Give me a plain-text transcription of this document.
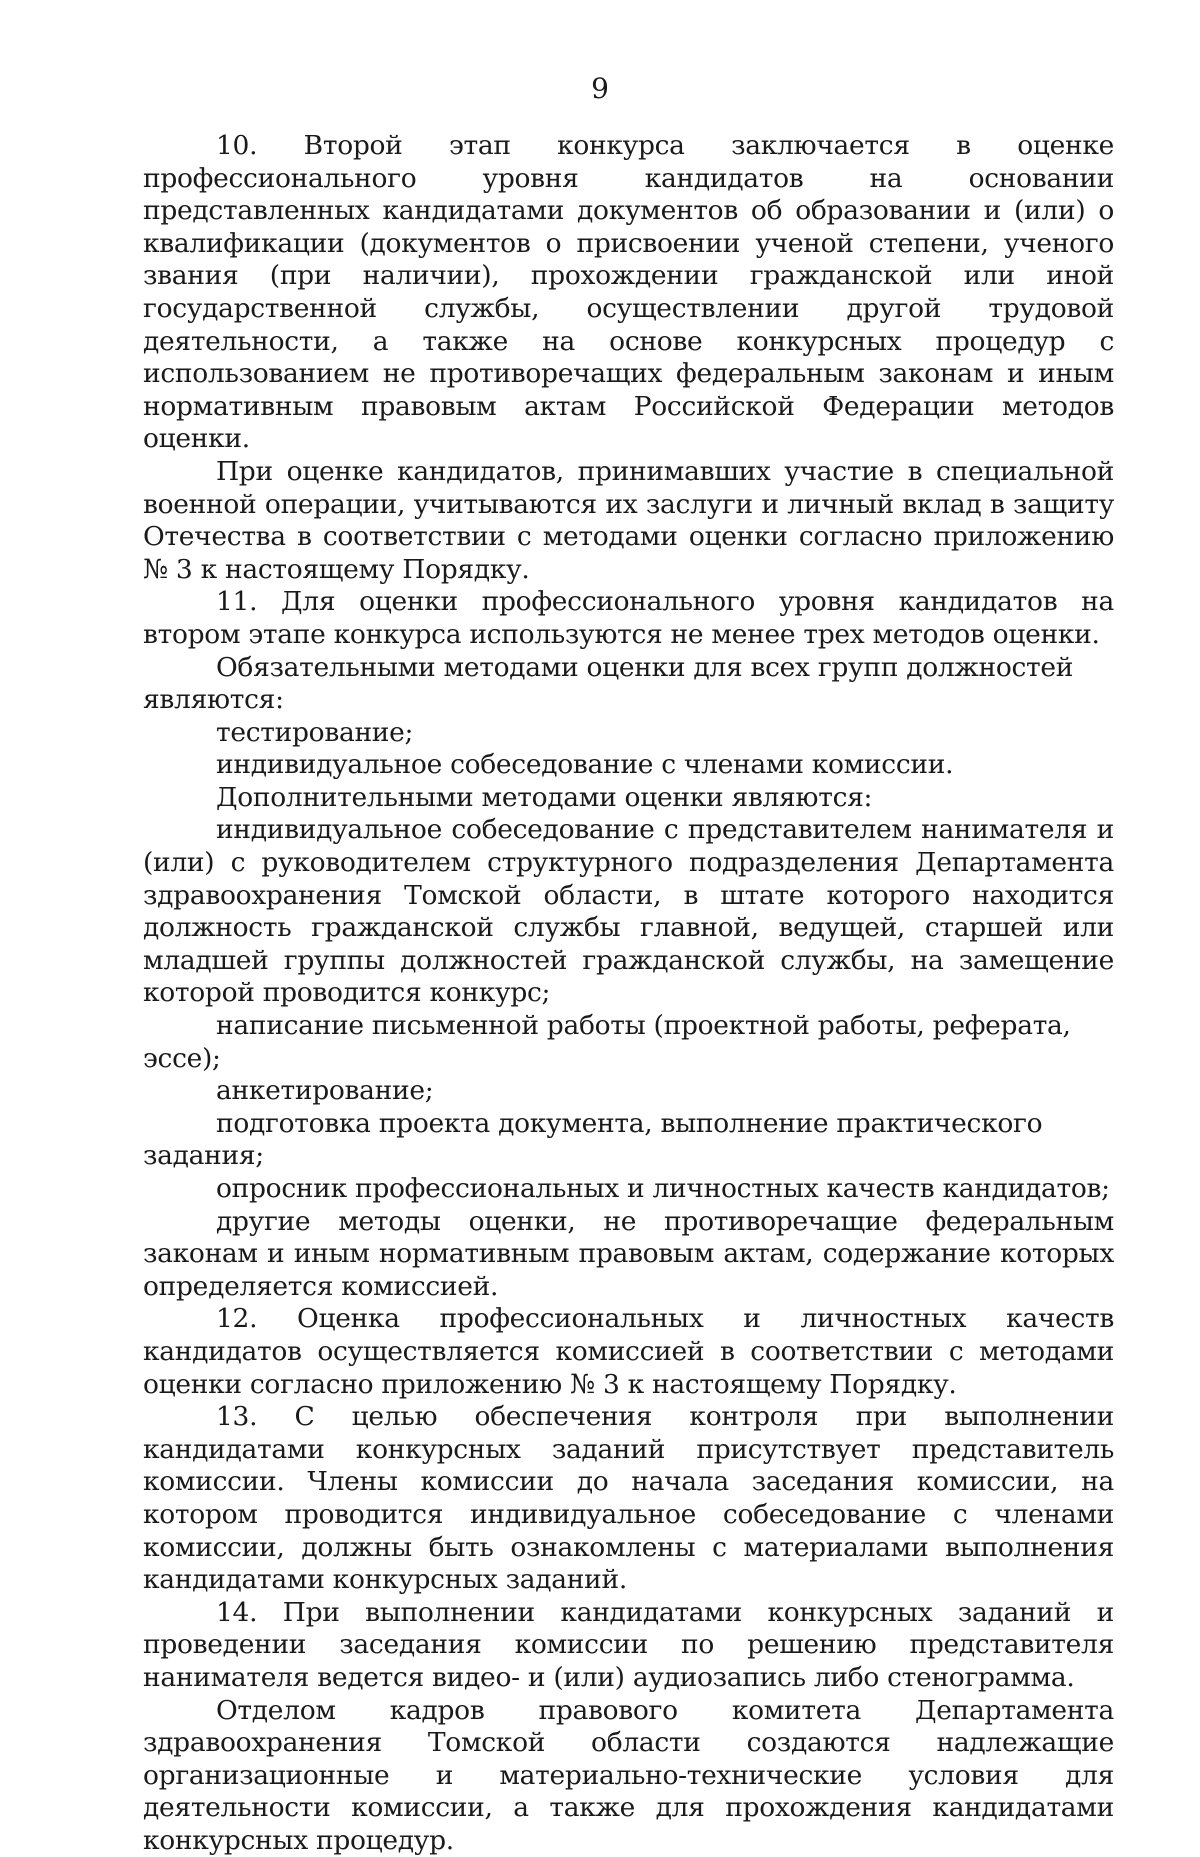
9

10. Второй этап конкурса заключается в оценке профессионального уровня кандидатов на основании представленных кандидатами документов об образовании и (или) о квалификации (документов о присвоении ученой степени, ученого звания (при наличии), прохождении гражданской или иной государственной службы, осуществлении другой трудовой деятельности, а также на основе конкурсных процедур с использованием не противоречащих федеральным законам и иным нормативным правовым актам Российской Федерации методов оценки.

При оценке кандидатов, принимавших участие в специальной военной операции, учитываются их заслуги и личный вклад в защиту Отечества в соответствии с методами оценки согласно приложению № 3 к настоящему Порядку.

11. Для оценки профессионального уровня кандидатов на втором этапе конкурса используются не менее трех методов оценки.

Обязательными методами оценки для всех групп должностей являются:

тестирование;

индивидуальное собеседование с членами комиссии.

Дополнительными методами оценки являются:

индивидуальное собеседование с представителем нанимателя и (или) с руководителем структурного подразделения Департамента здравоохранения Томской области, в штате которого находится должность гражданской службы главной, ведущей, старшей или младшей группы должностей гражданской службы, на замещение которой проводится конкурс;

написание письменной работы (проектной работы, реферата, эссе);

анкетирование;

подготовка проекта документа, выполнение практического задания;

опросник профессиональных и личностных качеств кандидатов;

другие методы оценки, не противоречащие федеральным законам и иным нормативным правовым актам, содержание которых определяется комиссией.

12. Оценка профессиональных и личностных качеств кандидатов осуществляется комиссией в соответствии с методами оценки согласно приложению № 3 к настоящему Порядку.

13. С целью обеспечения контроля при выполнении кандидатами конкурсных заданий присутствует представитель комиссии. Члены комиссии до начала заседания комиссии, на котором проводится индивидуальное собеседование с членами комиссии, должны быть ознакомлены с материалами выполнения кандидатами конкурсных заданий.

14. При выполнении кандидатами конкурсных заданий и проведении заседания комиссии по решению представителя нанимателя ведется видео- и (или) аудиозапись либо стенограмма.

Отделом кадров правового комитета Департамента здравоохранения Томской области создаются надлежащие организационные и материально-технические условия для деятельности комиссии, а также для прохождения кандидатами конкурсных процедур.
